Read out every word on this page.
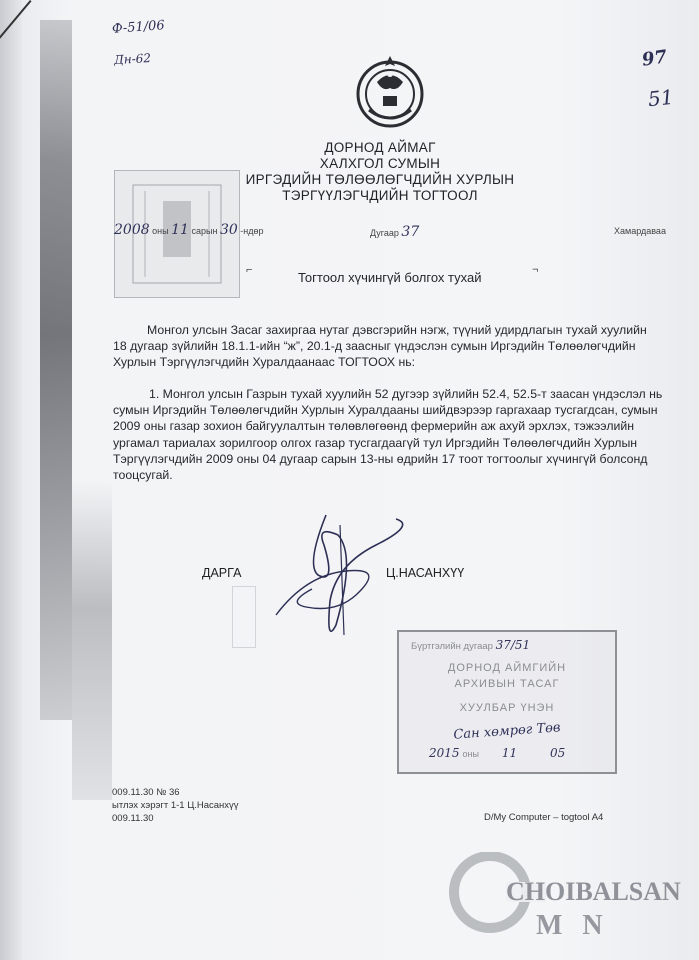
Ф-51/06
Дн-62	97
51
ДОРНОД АЙМАГ
ХАЛХГОЛ СУМЫН
ИРГЭДИЙН ТӨЛӨӨЛӨГЧДИЙН ХУРЛЫН
ТЭРГҮҮЛЭГЧДИЙН ТОГТООЛ
2008 оны 11 сарын 30 -ндөр	Дугаар 37	Хамардаваа
⌐	Тогтоол хүчингүй болгох тухай	¬
Монгол улсын Засаг захиргаа нутаг дэвсгэрийн нэгж, түүний удирдлагын тухай хуулийн 18 дугаар зүйлийн 18.1.1-ийн “ж”, 20.1-д заасныг үндэслэн сумын Иргэдийн Төлөөлөгчдийн Хурлын Тэргүүлэгчдийн Хуралдаанаас ТОГТООХ нь:
1. Монгол улсын Газрын тухай хуулийн 52 дугээр зүйлийн 52.4, 52.5-т заасан үндэслэл нь сумын Иргэдийн Төлөөлөгчдийн Хурлын Хуралдааны шийдвэрээр гаргахаар тусгагдсан, сумын 2009 оны газар зохион байгуулалтын төлөвлөгөөнд фермерийн аж ахуй эрхлэх, тэжээлийн ургамал тариалах зорилгоор олгох газар тусгагдаагүй тул Иргэдийн Төлөөлөгчдийн Хурлын Тэргүүлэгчдийн 2009 оны 04 дугаар сарын 13-ны өдрийн 17 тоот тогтоолыг хүчингүй болсонд тооцсугай.
ДАРГА	Ц.НАСАНХҮҮ
Бүртгэлийн дугаар 37/51
ДОРНОД АЙМГИЙН
АРХИВЫН ТАСАГ
ХУУЛБАР ҮНЭН
Сан хөмрөг Төв
2015 оны 11	05
009.11.30 № 36
ытлэх хэрэгт 1-1 Ц.Насанхүү
009.11.30	D/My Computer – togtool A4
CHOIBALSAN
MN
